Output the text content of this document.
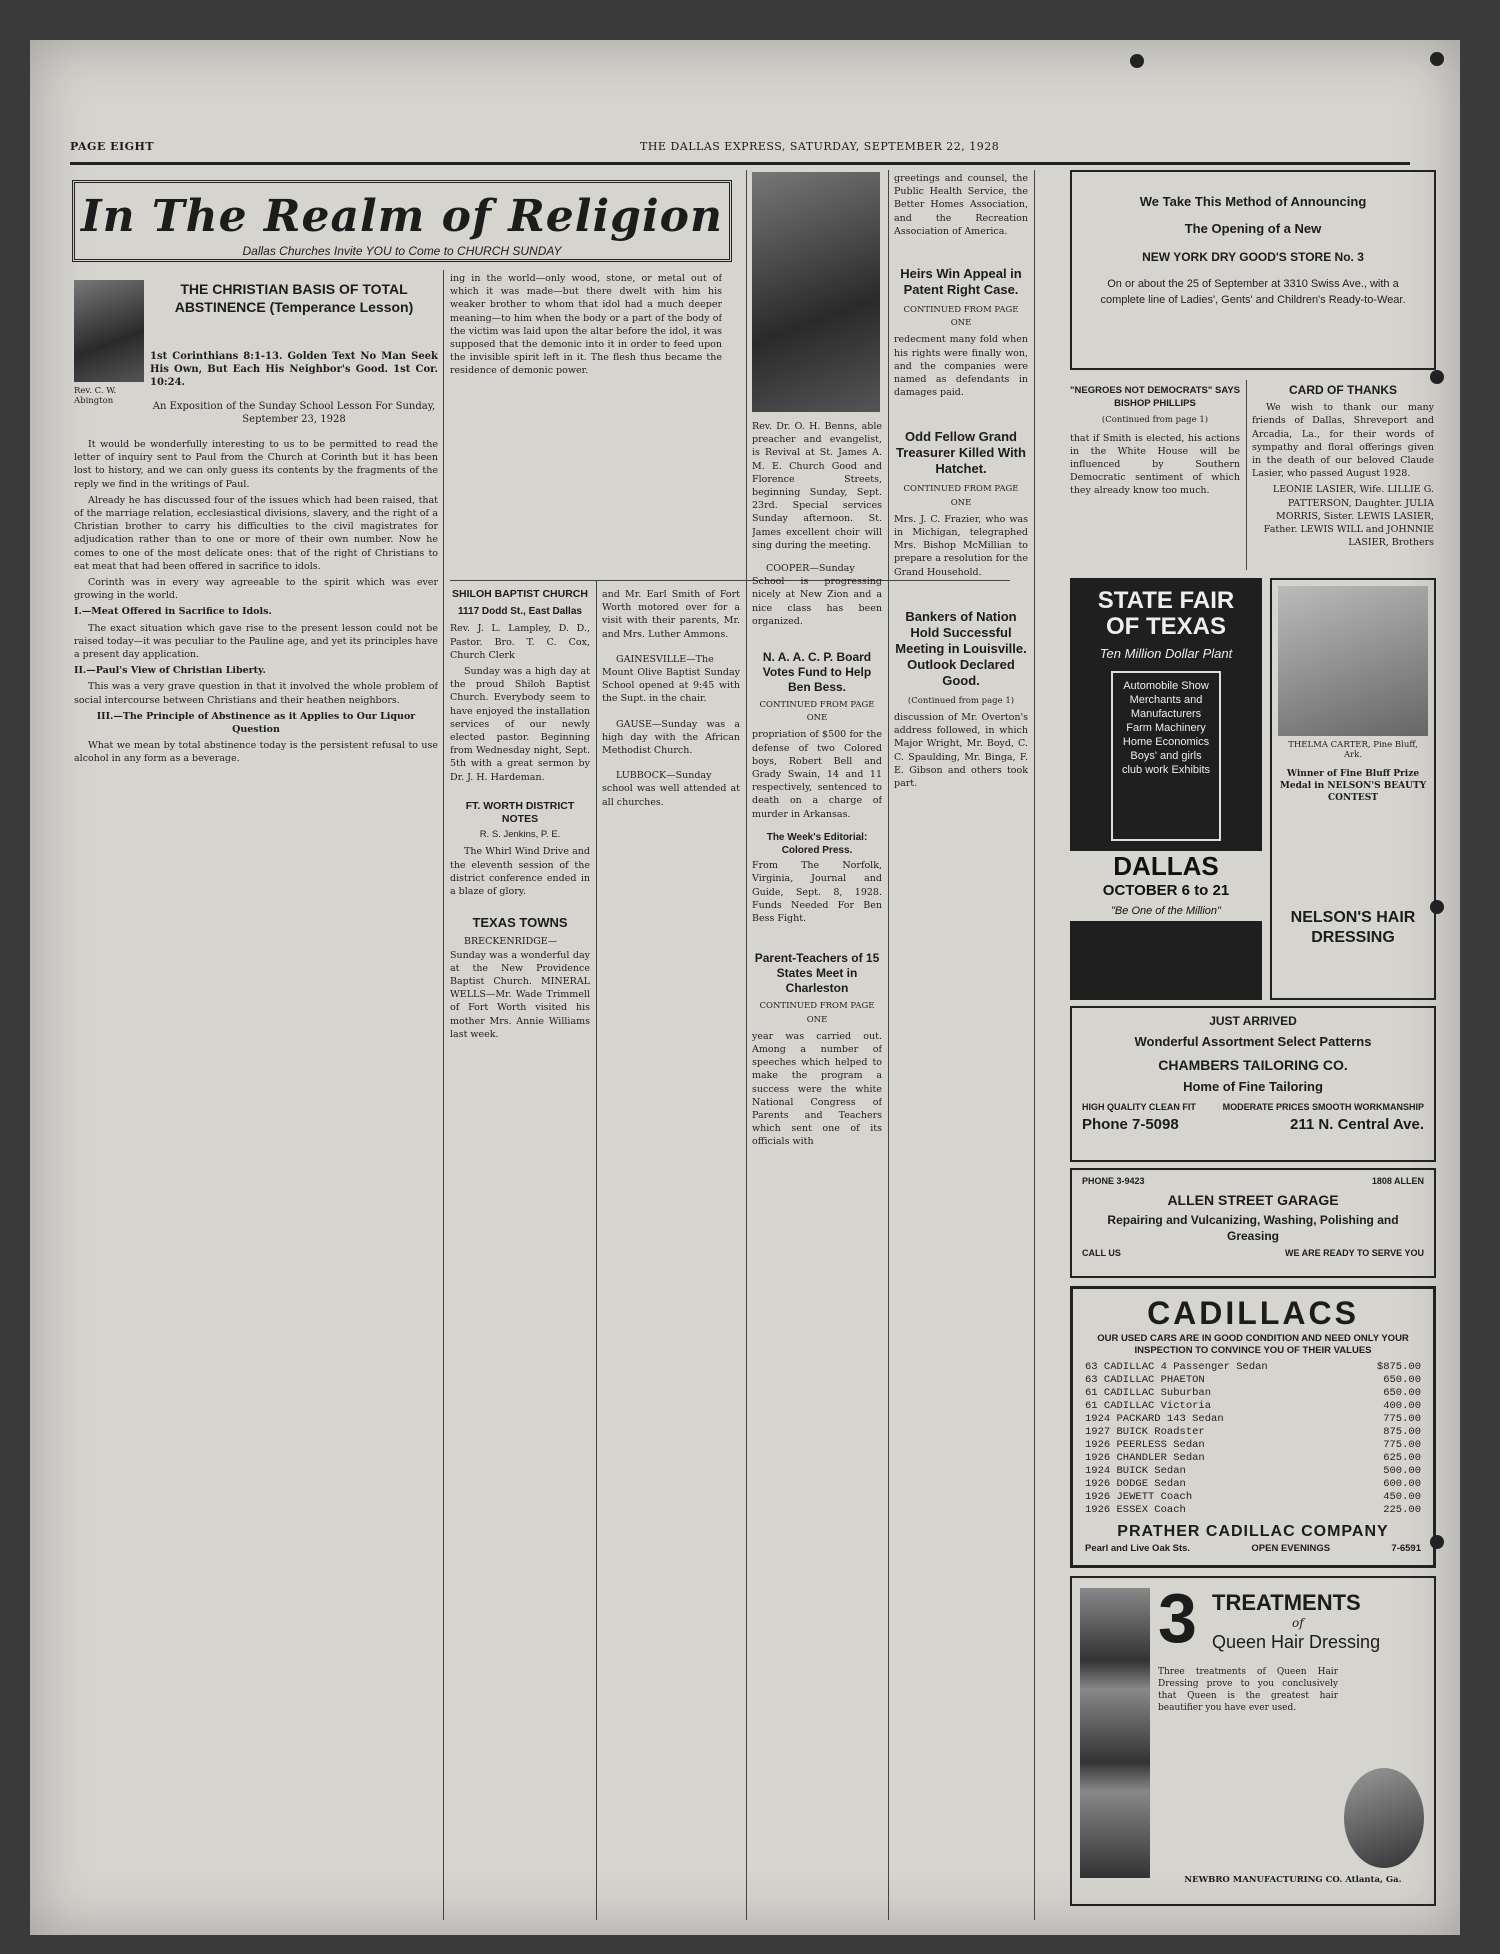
PAGE EIGHT	THE DALLAS EXPRESS, SATURDAY, SEPTEMBER 22, 1928
In The Realm of Religion
Dallas Churches Invite YOU to Come to CHURCH SUNDAY
Rev. C. W. Abington
THE CHRISTIAN BASIS OF TOTAL ABSTINENCE (Temperance Lesson)
1st Corinthians 8:1-13. Golden Text No Man Seek His Own, But Each His Neighbor's Good. 1st Cor. 10:24.
An Exposition of the Sunday School Lesson For Sunday, September 23, 1928

It would be wonderfully interesting to us to be permitted to read the letter of inquiry sent to Paul from the Church at Corinth but it has been lost to history, and we can only guess its contents by the fragments of the reply we find in the writings of Paul.

Already he has discussed four of the issues which had been raised, that of the marriage relation, ecclesiastical divisions, slavery, and the right of a Christian brother to carry his difficulties to the civil magistrates for adjudication rather than to one or more of their own number. Now he comes to one of the most delicate ones: that of the right of Christians to eat meat that had been offered in sacrifice to idols.

Corinth was in every way agreeable to the spirit which was ever growing in the world.

I.—Meat Offered in Sacrifice to Idols.

The exact situation which gave rise to the present lesson could not be raised today—it was peculiar to the Pauline age, and yet its principles have a present day application.

II.—Paul's View of Christian Liberty.

This was a very grave question in that it involved the whole problem of social intercourse between Christians and their heathen neighbors.

III.—The Principle of Abstinence as it Applies to Our Liquor Question

What we mean by total abstinence today is the persistent refusal to use alcohol in any form as a beverage.

ing in the world—only wood, stone, or metal out of which it was made—but there dwelt with him his weaker brother to whom that idol had a much deeper meaning—to him when the body or a part of the body of the victim was laid upon the altar before the idol, it was supposed that the demonic into it in order to feed upon the invisible spirit left in it. The flesh thus became the residence of demonic power.

SHILOH BAPTIST CHURCH
1117 Dodd St., East Dallas

Rev. J. L. Lampley, D. D., Pastor. Bro. T. C. Cox, Church Clerk

Sunday was a high day at the proud Shiloh Baptist Church. Everybody seem to have enjoyed the installation services of our newly elected pastor. Beginning from Wednesday night, Sept. 5th with a great sermon by Dr. J. H. Hardeman.

FT. WORTH DISTRICT NOTES
R. S. Jenkins, P. E.

The Whirl Wind Drive and the eleventh session of the district conference ended in a blaze of glory.

TEXAS TOWNS

BRECKENRIDGE—Sunday was a wonderful day at the New Providence Baptist Church. MINERAL WELLS—Mr. Wade Trimmell of Fort Worth visited his mother Mrs. Annie Williams last week.

and Mr. Earl Smith of Fort Worth motored over for a visit with their parents, Mr. and Mrs. Luther Ammons.

GAINESVILLE—The Mount Olive Baptist Sunday School opened at 9:45 with the Supt. in the chair.

GAUSE—Sunday was a high day with the African Methodist Church.

LUBBOCK—Sunday school was well attended at all churches.

Rev. Dr. O. H. Benns, able preacher and evangelist, is Revival at St. James A. M. E. Church Good and Florence Streets, beginning Sunday, Sept. 23rd. Special services Sunday afternoon. St. James excellent choir will sing during the meeting.

COOPER—Sunday School is progressing nicely at New Zion and a nice class has been organized.

N. A. A. C. P. Board Votes Fund to Help Ben Bess.
CONTINUED FROM PAGE ONE

propriation of $500 for the defense of two Colored boys, Robert Bell and Grady Swain, 14 and 11 respectively, sentenced to death on a charge of murder in Arkansas.

The Week's Editorial: Colored Press.

From The Norfolk, Virginia, Journal and Guide, Sept. 8, 1928. Funds Needed For Ben Bess Fight.

Parent-Teachers of 15 States Meet in Charleston
CONTINUED FROM PAGE ONE

year was carried out. Among a number of speeches which helped to make the program a success were the white National Congress of Parents and Teachers which sent one of its officials with

greetings and counsel, the Public Health Service, the Better Homes Association, and the Recreation Association of America.

Heirs Win Appeal in Patent Right Case.
CONTINUED FROM PAGE ONE

redecment many fold when his rights were finally won, and the companies were named as defendants in damages paid.

Odd Fellow Grand Treasurer Killed With Hatchet.
CONTINUED FROM PAGE ONE

Mrs. J. C. Frazier, who was in Michigan, telegraphed Mrs. Bishop McMillian to prepare a resolution for the Grand Household.

Bankers of Nation Hold Successful Meeting in Louisville. Outlook Declared Good.
(Continued from page 1)

discussion of Mr. Overton's address followed, in which Major Wright, Mr. Boyd, C. C. Spaulding, Mr. Binga, F. E. Gibson and others took part.

We Take This Method of Announcing
The Opening of a New
NEW YORK DRY GOOD'S STORE No. 3
On or about the 25 of September at 3310 Swiss Ave., with a complete line of Ladies', Gents' and Children's Ready-to-Wear.
"NEGROES NOT DEMOCRATS" SAYS BISHOP PHILLIPS
(Continued from page 1)

that if Smith is elected, his actions in the White House will be influenced by Southern Democratic sentiment of which they already know too much.

CARD OF THANKS

We wish to thank our many friends of Dallas, Shreveport and Arcadia, La., for their words of sympathy and floral offerings given in the death of our beloved Claude Lasier, who passed August 1928.

LEONIE LASIER, Wife. LILLIE G. PATTERSON, Daughter. JULIA MORRIS, Sister. LEWIS LASIER, Father. LEWIS WILL and JOHNNIE LASIER, Brothers

STATE FAIR
OF TEXAS
Ten Million Dollar Plant
Automobile Show Merchants and Manufacturers Farm Machinery Home Economics Boys' and girls club work Exhibits
DALLAS
OCTOBER 6 to 21
"Be One of the Million"
THELMA CARTER, Pine Bluff, Ark.
Winner of Fine Bluff Prize Medal in NELSON'S BEAUTY CONTEST
NELSON'S HAIR DRESSING
JUST ARRIVED
Wonderful Assortment Select Patterns
CHAMBERS TAILORING CO.
Home of Fine Tailoring
HIGH QUALITY CLEAN FIT	MODERATE PRICES SMOOTH WORKMANSHIP
Phone 7-5098	211 N. Central Ave.
PHONE 3-9423	1808 ALLEN
ALLEN STREET GARAGE
Repairing and Vulcanizing, Washing, Polishing and Greasing
CALL US	WE ARE READY TO SERVE YOU
CADILLACS
OUR USED CARS ARE IN GOOD CONDITION AND NEED ONLY YOUR INSPECTION TO CONVINCE YOU OF THEIR VALUES
63 CADILLAC 4 Passenger Sedan	$875.00
63 CADILLAC PHAETON	650.00
61 CADILLAC Suburban	650.00
61 CADILLAC Victoria	400.00
1924 PACKARD 143 Sedan	775.00
1927 BUICK Roadster	875.00
1926 PEERLESS Sedan	775.00
1926 CHANDLER Sedan	625.00
1924 BUICK Sedan	500.00
1926 DODGE Sedan	600.00
1926 JEWETT Coach	450.00
1926 ESSEX Coach	225.00
PRATHER CADILLAC COMPANY
Pearl and Live Oak Sts.	OPEN EVENINGS	7-6591
3 TREATMENTS
of
Queen Hair Dressing
Three treatments of Queen Hair Dressing prove to you conclusively that Queen is the greatest hair beautifier you have ever used.
NEWBRO MANUFACTURING CO. Atlanta, Ga.
